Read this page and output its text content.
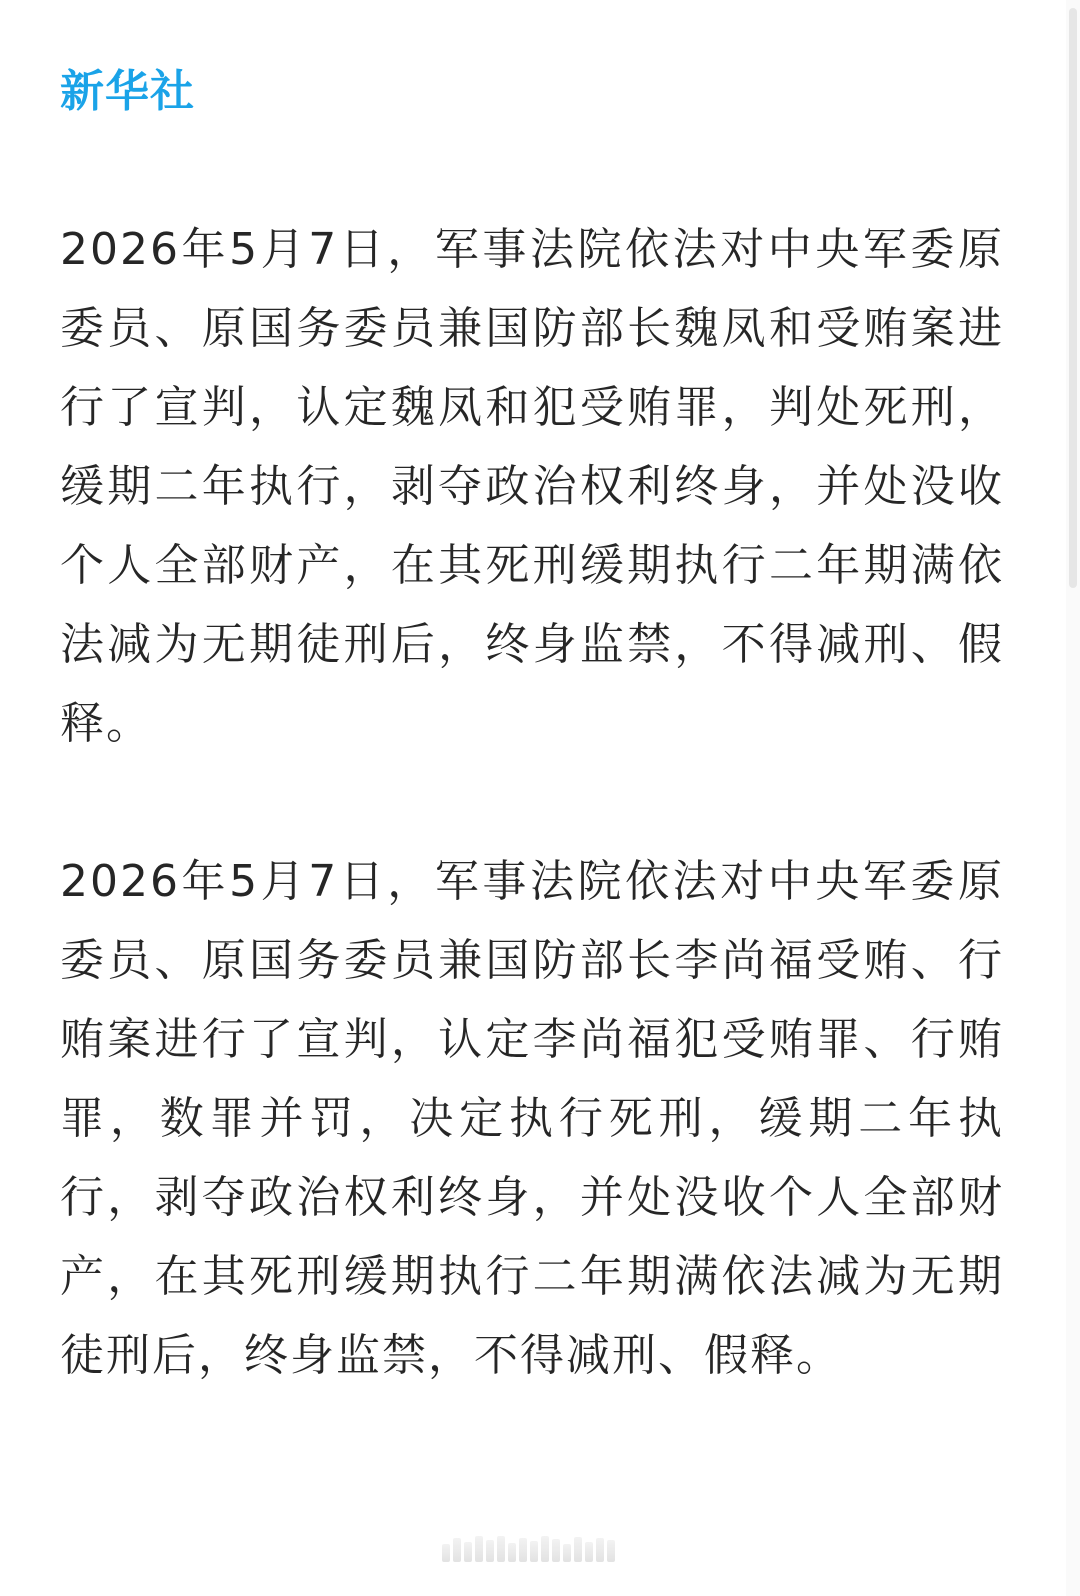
新华社

2026年5月7日，军事法院依法对中央军委原委员、原国务委员兼国防部长魏凤和受贿案进行了宣判，认定魏凤和犯受贿罪，判处死刑，缓期二年执行，剥夺政治权利终身，并处没收个人全部财产，在其死刑缓期执行二年期满依法减为无期徒刑后，终身监禁，不得减刑、假释。

2026年5月7日，军事法院依法对中央军委原委员、原国务委员兼国防部长李尚福受贿、行贿案进行了宣判，认定李尚福犯受贿罪、行贿罪，数罪并罚，决定执行死刑，缓期二年执行，剥夺政治权利终身，并处没收个人全部财产，在其死刑缓期执行二年期满依法减为无期徒刑后，终身监禁，不得减刑、假释。
